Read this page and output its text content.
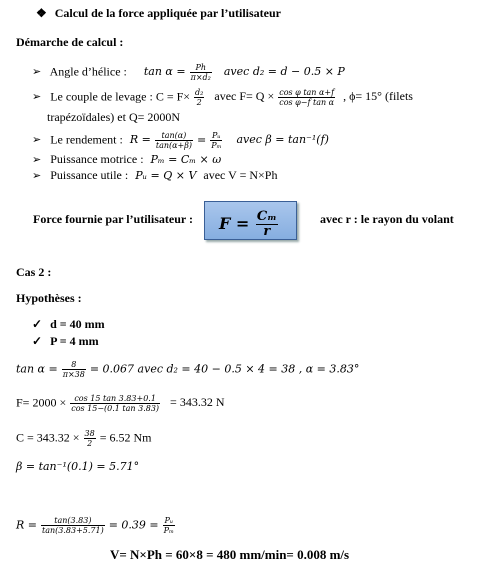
❖ Calcul de la force appliquée par l’utilisateur
Démarche de calcul :
➢ Angle d’hélice : $\tan \alpha = \frac{Ph}{\text{π×d₂}}$ avec d₂ = d − 0.5 × P
➢ Le couple de levage : $C = F\times \frac{\text{d₂}}{2}$ avec $F= Q \times \frac{\text{cos φ tan α+f}}{\text{cos φ−f tan α}}$ , ϕ= 15° (filets
trapézoïdales) et Q= 2000N
➢ Le rendement : $R = \frac{\tan(\alpha)}{\tan(\alpha+\beta)} = \frac{\text{Pᵤ}}{\text{Pₘ}}$ avec β = tan⁻¹(f)
➢ Puissance motrice : Pₘ = Cₘ × ω
➢ Puissance utile : Pᵤ = Q × V avec V = N×Ph
Force fournie par l’utilisateur : $F = \frac{\text{Cₘ}}{r}$	avec r : le rayon du volant
Cas 2 :
Hypothèses :
✓ d = 40 mm
✓ P = 4 mm
$\tan \alpha = \frac{8}{\pi\times 38} = 0.067$ avec d₂ = 40 − 0.5 × 4 = 38 , α = 3.83°
$F= 2000 \times \frac{\cos 15 \tan 3.83+0.1}{\cos 15-(0.1 \tan 3.83)} = 343.32$ N
$C = 343.32 \times \frac{38}{2} = 6.52$ Nm
β = tan⁻¹(0.1) = 5.71°
$R = \frac{\tan(3.83)}{\tan(3.83+5.71)} = 0.39 = \frac{\text{Pᵤ}}{\text{Pₘ}}$
V= N×Ph = 60×8 = 480 mm/min= 0.008 m/s
